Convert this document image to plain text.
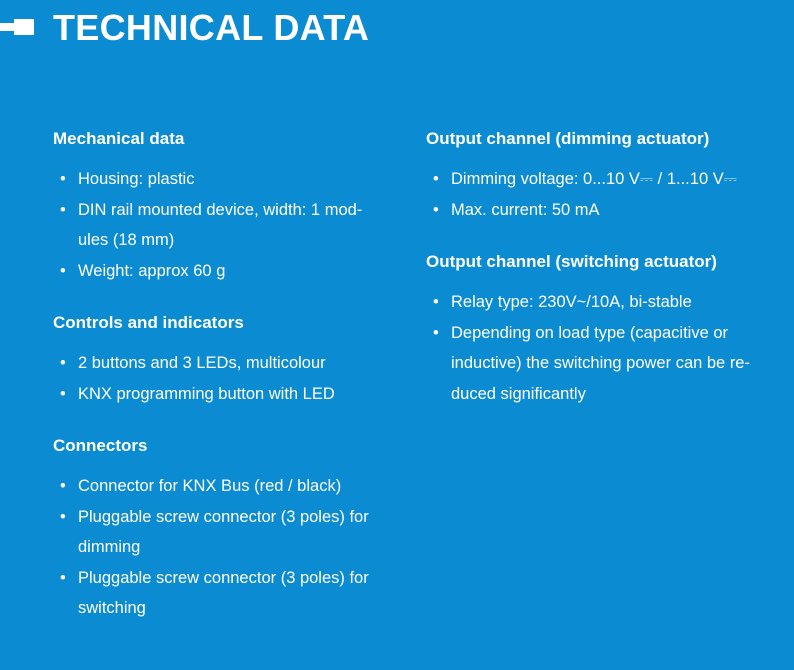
TECHNICAL DATA
Mechanical data
• Housing: plastic
• DIN rail mounted device, width: 1 mod-
ules (18 mm)
• Weight: approx 60 g
Controls and indicators
• 2 buttons and 3 LEDs, multicolour
• KNX programming button with LED
Connectors
• Connector for KNX Bus (red / black)
• Pluggable screw connector (3 poles) for
dimming
• Pluggable screw connector (3 poles) for
switching
Output channel (dimming actuator)
• Dimming voltage: 0...10 V⎓ / 1...10 V⎓
• Max. current: 50 mA
Output channel (switching actuator)
• Relay type: 230V~/10A, bi-stable
• Depending on load type (capacitive or
inductive) the switching power can be re-
duced significantly
